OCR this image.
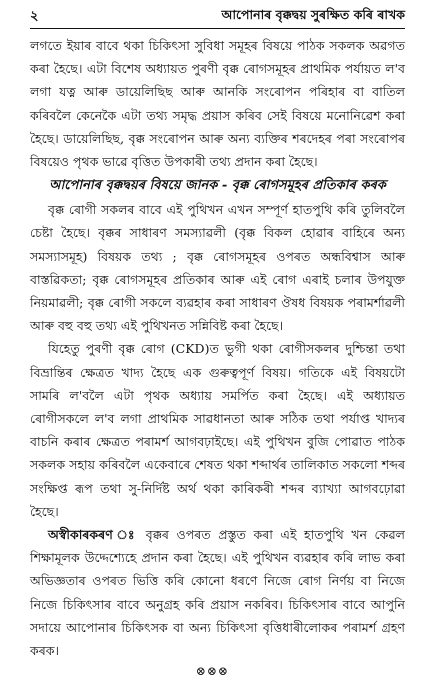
২	আপোনাৰ বৃক্কদ্বয় সুৰক্ষিত কৰি ৰাখক

লগতে ইয়াৰ বাবে থকা চিকিৎসা সুবিধা সমূহৰ বিষয়ে পাঠক সকলক অৱগত কৰা হৈছে। এটা বিশেষ অধ্যায়ত পুৰণী বৃক্ক ৰোগসমূহৰ প্ৰাথমিক পৰ্যায়ত ল'ব লগা যত্ন আৰু ডায়েলিছিছ আৰু আনকি সংৰোপন পৰিহাৰ বা বাতিল কৰিবলৈ কেনেকৈ এটা তথ্য সমৃদ্ধ প্ৰয়াস কৰিব সেই বিষয়ে মনোনিৱেশ কৰা হৈছে। ডায়েলিছিছ, বৃক্ক সংৰোপন আৰু অন্য ব্যক্তিৰ শৰদেহৰ পৰা সংৰোপৰ বিষয়েও পৃথক ভাৱে বৃত্তিত উপকাৰী তথ্য প্ৰদান কৰা হৈছে।

আপোনাৰ বৃক্কদ্বয়ৰ বিষয়ে জানক - বৃক্ক ৰোগসমূহৰ প্ৰতিকাৰ কৰক

বৃক্ক ৰোগী সকলৰ বাবে এই পুথিখন এখন সম্পূৰ্ণ হাতপুথি কৰি তুলিবলৈ চেষ্টা হৈছে। বৃক্কৰ সাধাৰণ সমস্যাৱলী (বৃক্ক বিকল হোৱাৰ বাহিৰে অন্য সমস্যাসমূহ) বিষয়ক তথ্য ; বৃক্ক ৰোগসমূহৰ ওপৰত অন্ধবিশ্বাস আৰু বাস্তৱিকতা; বৃক্ক ৰোগসমূহৰ প্ৰতিকাৰ আৰু এই ৰোগ এৰাই চলাৰ উপযুক্ত নিয়মাৱলী; বৃক্ক ৰোগী সকলে ব্যৱহাৰ কৰা সাধাৰণ ঔষধ বিষয়ক পৰামৰ্শাৱলী আৰু বহু বহু তথ্য এই পুথিখনত সন্নিবিষ্ট কৰা হৈছে।

যিহেতু পুৰণী বৃক্ক ৰোগ (CKD)ত ভুগী থকা ৰোগীসকলৰ দুশ্চিন্তা তথা বিভ্ৰান্তিৰ ক্ষেত্ৰত খাদ্য হৈছে এক গুৰুত্বপূৰ্ণ বিষয়। গতিকে এই বিষয়টো সামৰি ল'বলৈ এটা পৃথক অধ্যায় সমৰ্পিত কৰা হৈছে। এই অধ্যায়ত ৰোগীসকলে ল'ব লগা প্ৰাথমিক সাৱধানতা আৰু সঠিক তথা পৰ্যাপ্ত খাদ্যৰ বাচনি কৰাৰ ক্ষেত্ৰত পৰামৰ্শ আগবঢ়াইছে। এই পুথিখন বুজি পোৱাত পাঠক সকলক সহায় কৰিবলৈ একেবাৰে শেষত থকা শব্দাৰ্থৰ তালিকাত সকলো শব্দৰ সংক্ষিপ্ত ৰূপ তথা সু-নিৰ্দিষ্ট অৰ্থ থকা কাৰিকৰী শব্দৰ ব্যাখ্যা আগবঢ়োৱা হৈছে।

অস্বীকাৰকৰণ ঃ বৃক্কৰ ওপৰত প্ৰস্তুত কৰা এই হাতপুথি খন কেৱল শিক্ষামূলক উদ্দেশ্যেহে প্ৰদান কৰা হৈছে। এই পুথিখন ব্যৱহাৰ কৰি লাভ কৰা অভিজ্ঞতাৰ ওপৰত ভিত্তি কৰি কোনো ধৰণে নিজে ৰোগ নিৰ্ণয় বা নিজে নিজে চিকিৎসাৰ বাবে অনুগ্ৰহ কৰি প্ৰয়াস নকৰিব। চিকিৎসাৰ বাবে আপুনি সদায়ে আপোনাৰ চিকিৎসক বা অন্য চিকিৎসা বৃত্তিধাৰীলোকৰ পৰামৰ্শ গ্ৰহণ কৰক।

⊗⊗⊗
